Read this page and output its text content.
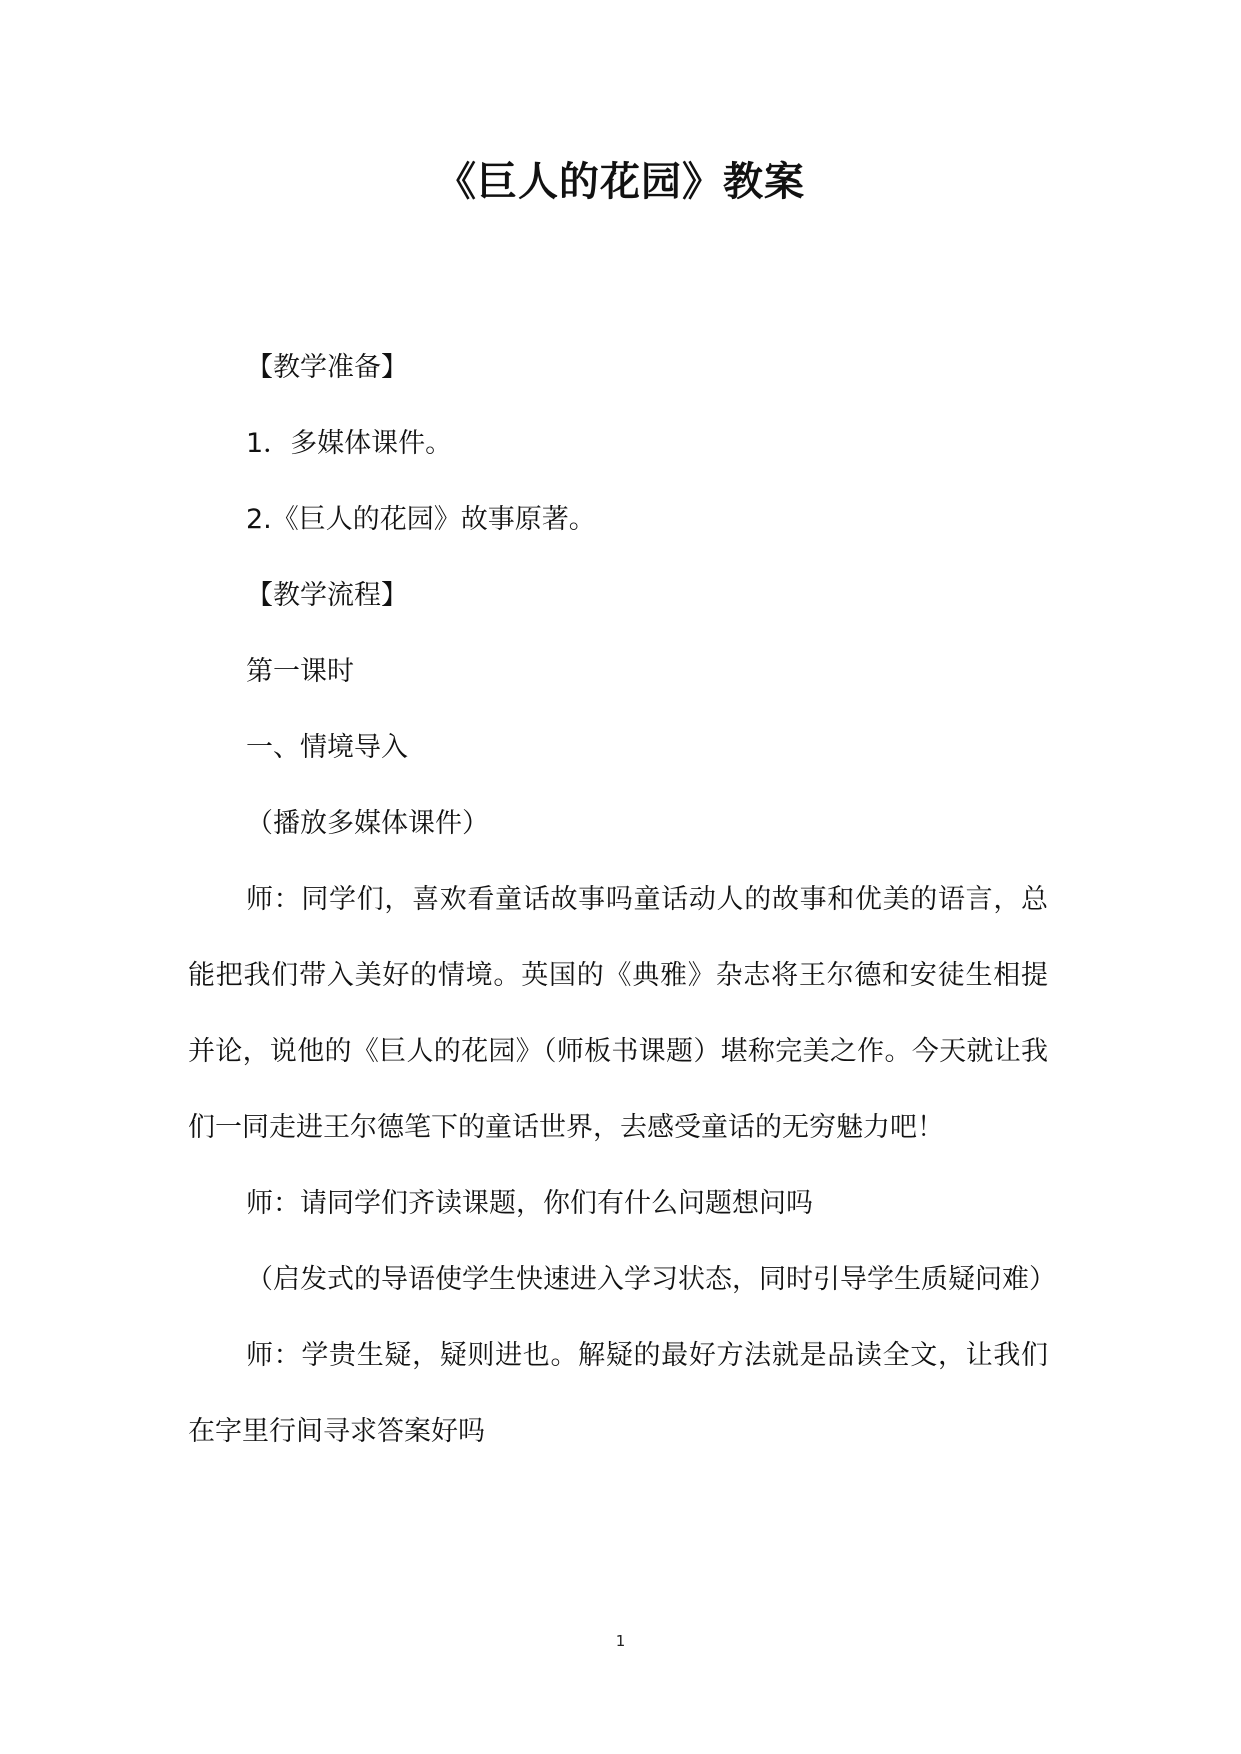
《巨人的花园》教案

【教学准备】

1．多媒体课件。

2.《巨人的花园》故事原著。

【教学流程】

第一课时

一、情境导入

（播放多媒体课件）

师：同学们，喜欢看童话故事吗童话动人的故事和优美的语言，总能把我们带入美好的情境。英国的《典雅》杂志将王尔德和安徒生相提并论，说他的《巨人的花园》（师板书课题）堪称完美之作。今天就让我们一同走进王尔德笔下的童话世界，去感受童话的无穷魅力吧！

师：请同学们齐读课题，你们有什么问题想问吗

（启发式的导语使学生快速进入学习状态，同时引导学生质疑问难）

师：学贵生疑，疑则进也。解疑的最好方法就是品读全文，让我们在字里行间寻求答案好吗

1
